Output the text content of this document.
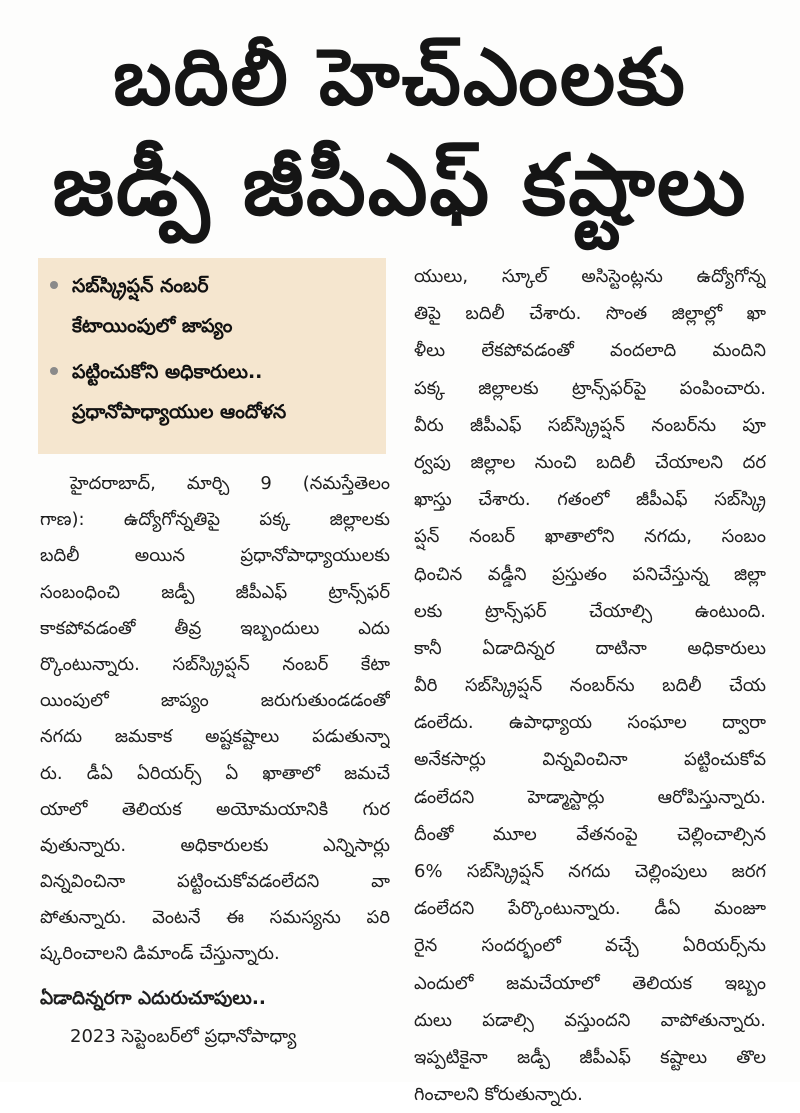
బదిలీ హెచ్ఎంలకు
జడ్పీ జీపీఎఫ్ కష్టాలు
సబ్‌స్క్రిప్షన్ నంబర్
కేటాయింపులో జాప్యం
పట్టించుకోని అధికారులు..
ప్రధానోపాధ్యాయుల ఆందోళన
హైదరాబాద్, మార్చి 9 (నమస్తేతెలం
గాణ): ఉద్యోగోన్నతిపై పక్క జిల్లాలకు
బదిలీ అయిన ప్రధానోపాధ్యాయులకు
సంబంధించి జడ్పీ జీపీఎఫ్ ట్రాన్స్‌ఫర్
కాకపోవడంతో తీవ్ర ఇబ్బందులు ఎదు
ర్కొంటున్నారు. సబ్‌స్క్రిప్షన్ నంబర్ కేటా
యింపులో జాప్యం జరుగుతుండడంతో
నగదు జమకాక అష్టకష్టాలు పడుతున్నా
రు. డీఏ ఏరియర్స్ ఏ ఖాతాలో జమచే
యాలో తెలియక అయోమయానికి గుర
వుతున్నారు. అధికారులకు ఎన్నిసార్లు
విన్నవించినా పట్టించుకోవడంలేదని వా
పోతున్నారు. వెంటనే ఈ సమస్యను పరి
ష్కరించాలని డిమాండ్ చేస్తున్నారు.
ఏడాదిన్నరగా ఎదురుచూపులు..
2023 సెప్టెంబర్‌లో ప్రధానోపాధ్యా
యులు, స్కూల్ అసిస్టెంట్లను ఉద్యోగోన్న
తిపై బదిలీ చేశారు. సొంత జిల్లాల్లో ఖా
ళీలు లేకపోవడంతో వందలాది మందిని
పక్క జిల్లాలకు ట్రాన్స్‌ఫర్‌పై పంపించారు.
వీరు జీపీఎఫ్ సబ్‌స్క్రిప్షన్ నంబర్‌ను పూ
ర్వపు జిల్లాల నుంచి బదిలీ చేయాలని దర
ఖాస్తు చేశారు. గతంలో జీపీఎఫ్ సబ్‌స్క్రి
ప్షన్ నంబర్ ఖాతాలోని నగదు, సంబం
ధించిన వడ్డీని ప్రస్తుతం పనిచేస్తున్న జిల్లా
లకు ట్రాన్స్‌ఫర్ చేయాల్సి ఉంటుంది.
కానీ ఏడాదిన్నర దాటినా అధికారులు
వీరి సబ్‌స్క్రిప్షన్ నంబర్‌ను బదిలీ చేయ
డంలేదు. ఉపాధ్యాయ సంఘాల ద్వారా
అనేకసార్లు విన్నవించినా పట్టించుకోవ
డంలేదని హెడ్మాస్టార్లు ఆరోపిస్తున్నారు.
దీంతో మూల వేతనంపై చెల్లించాల్సిన
6% సబ్‌స్క్రిప్షన్ నగదు చెల్లింపులు జరగ
డంలేదని పేర్కొంటున్నారు. డీఏ మంజూ
రైన సందర్భంలో వచ్చే ఏరియర్స్‌ను
ఎందులో జమచేయాలో తెలియక ఇబ్బం
దులు పడాల్సి వస్తుందని వాపోతున్నారు.
ఇప్పటికైనా జడ్పీ జీపీఎఫ్ కష్టాలు తొల
గించాలని కోరుతున్నారు.
